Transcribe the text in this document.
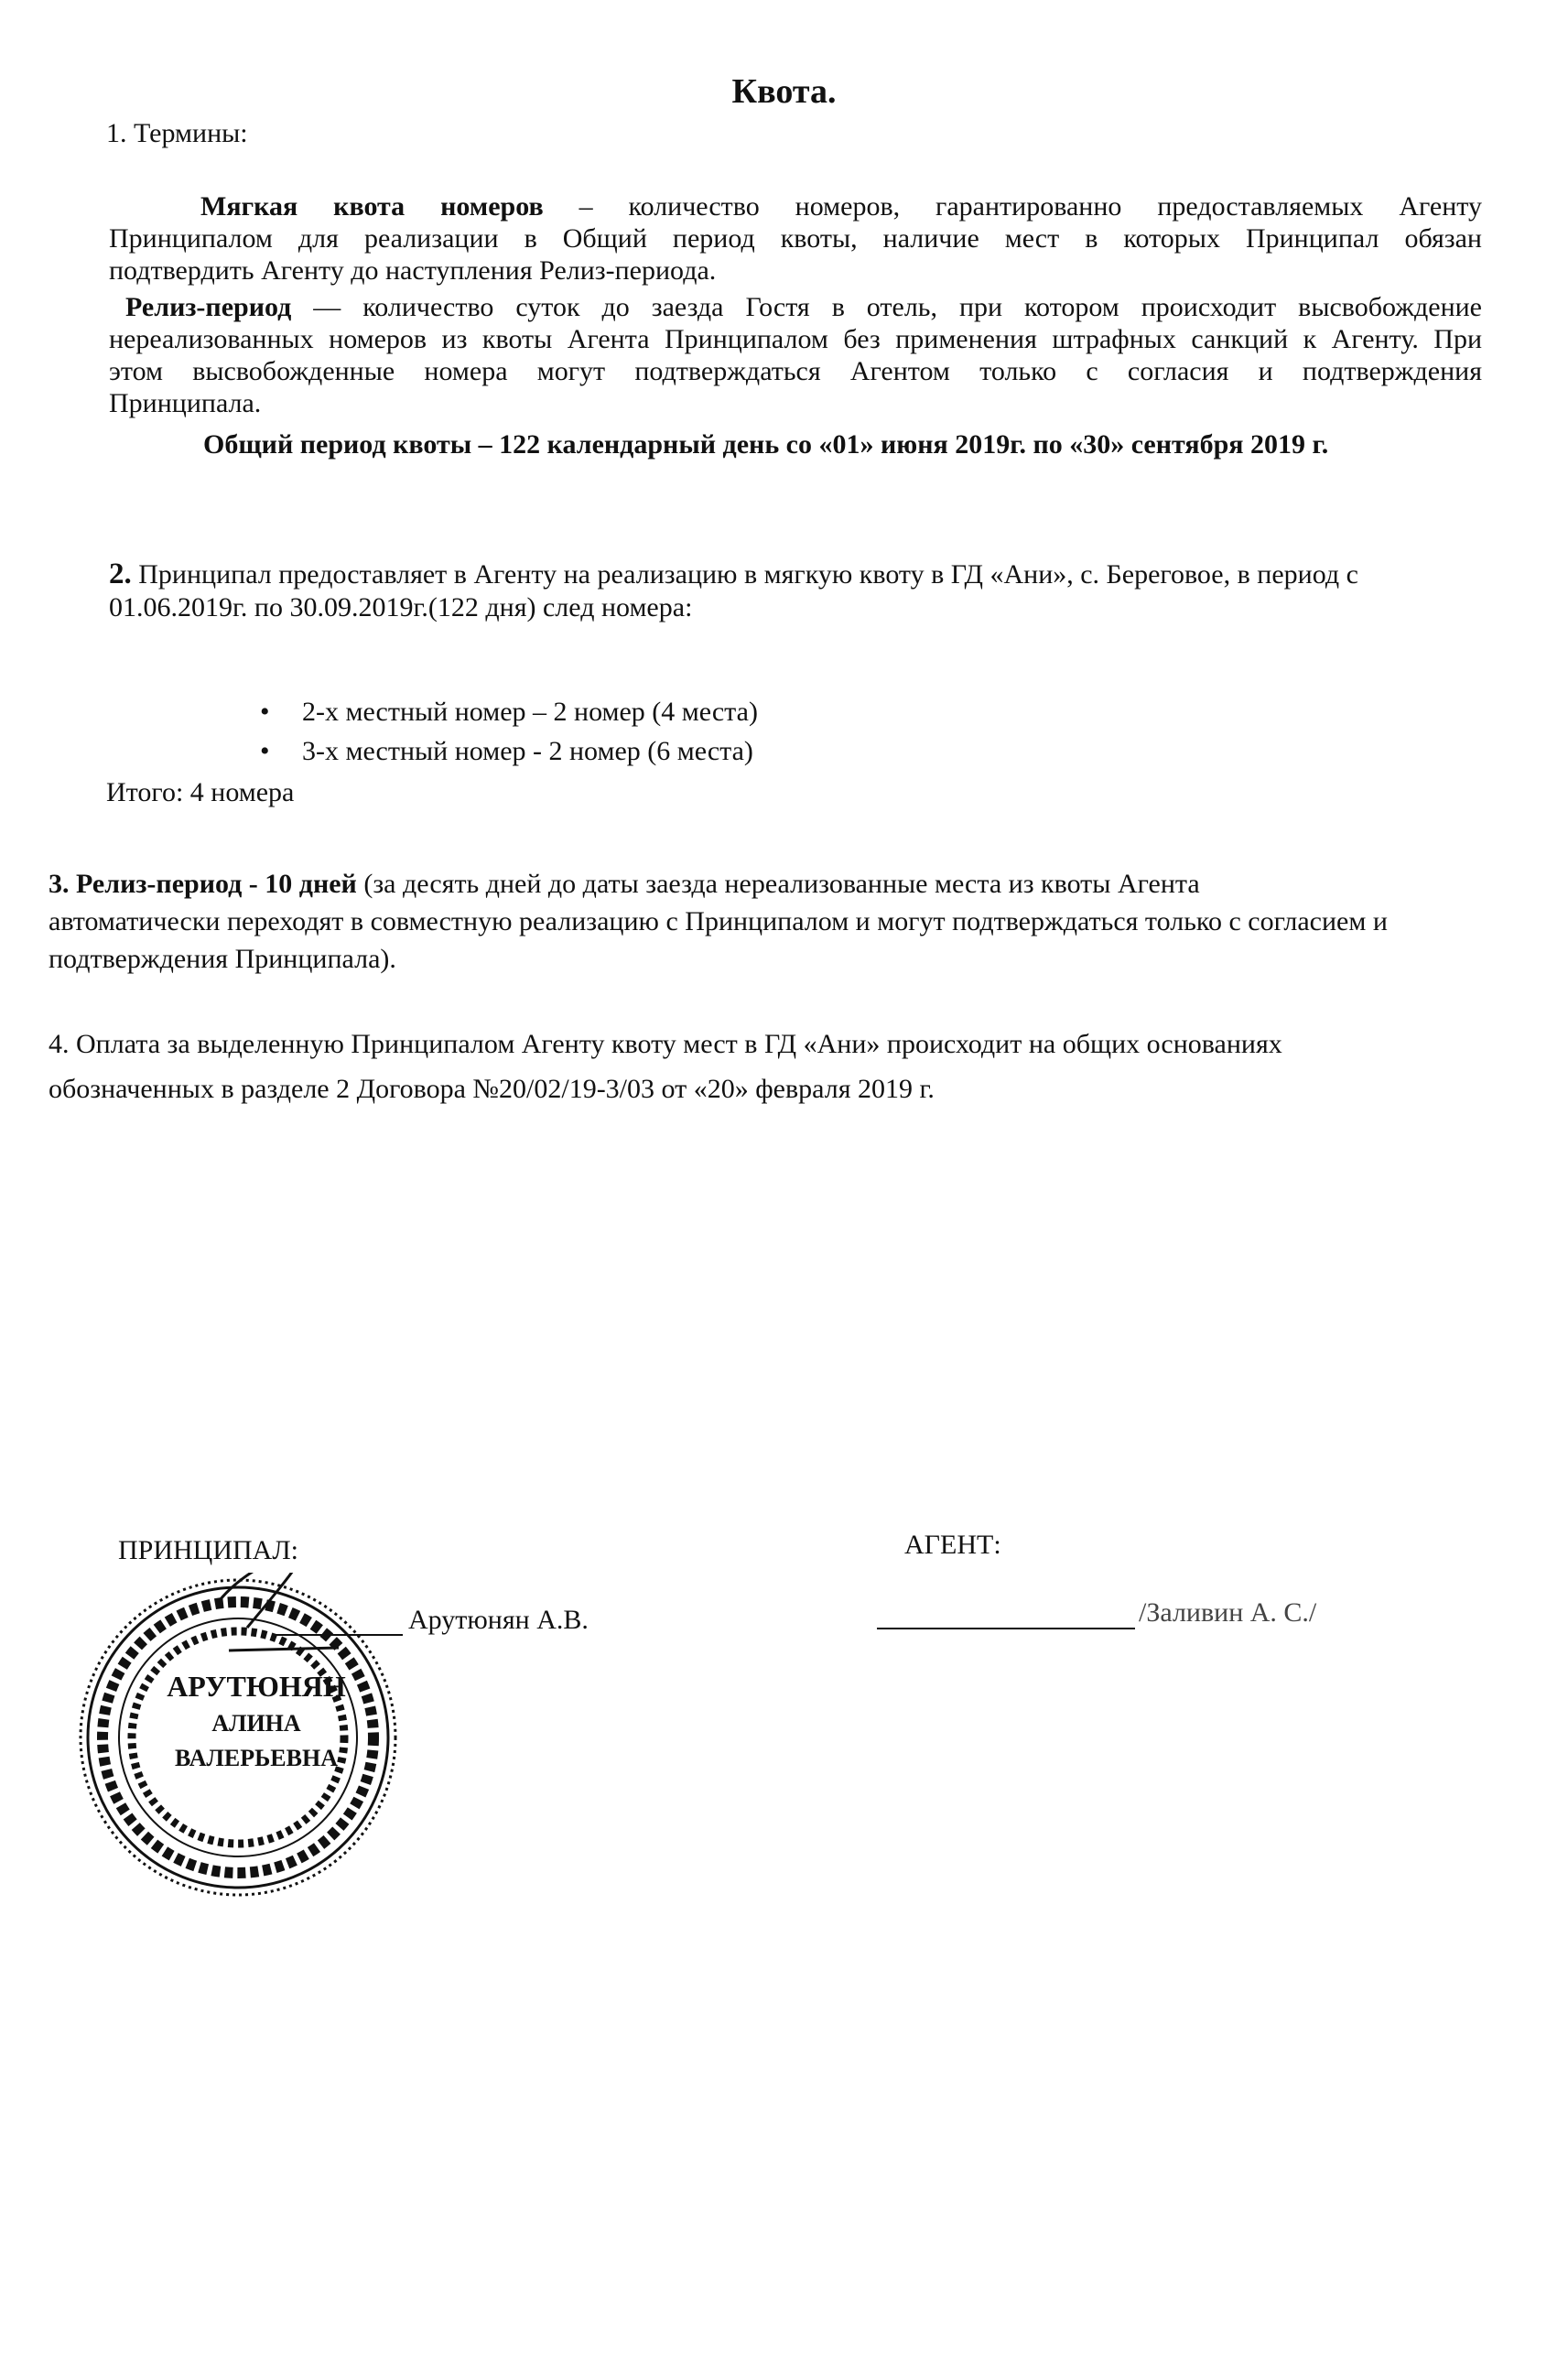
Квота.
1. Термины:
Мягкая квота номеров – количество номеров, гарантированно предоставляемых Агенту
Принципалом для реализации в Общий период квоты, наличие мест в которых Принципал обязан
подтвердить Агенту до наступления Релиз-периода.
Релиз-период — количество суток до заезда Гостя в отель, при котором происходит высвобождение
нереализованных номеров из квоты Агента Принципалом без применения штрафных санкций к Агенту. При
этом высвобожденные номера могут подтверждаться Агентом только с согласия и подтверждения
Принципала.
Общий период квоты – 122 календарный день со «01» июня 2019г. по «30» сентября 2019 г.
2. Принципал предоставляет в Агенту на реализацию в мягкую квоту в ГД «Ани», с. Береговое, в период с
01.06.2019г. по 30.09.2019г.(122 дня) след номера:
• 2-х местный номер – 2 номер (4 места)
• 3-х местный номер - 2 номер (6 места)
Итого: 4 номера
3. Релиз-период - 10 дней (за десять дней до даты заезда нереализованные места из квоты Агента
автоматически переходят в совместную реализацию с Принципалом и могут подтверждаться только с согласием и
подтверждения Принципала).
4. Оплата за выделенную Принципалом Агенту квоту мест в ГД «Ани» происходит на общих основаниях
обозначенных в разделе 2 Договора №20/02/19-3/03 от «20» февраля 2019 г.
ПРИНЦИПАЛ:	АГЕНТ:
Арутюнян А.В.	/Заливин А. С./
АРУТЮНЯН
АЛИНА
ВАЛЕРЬЕВНА
